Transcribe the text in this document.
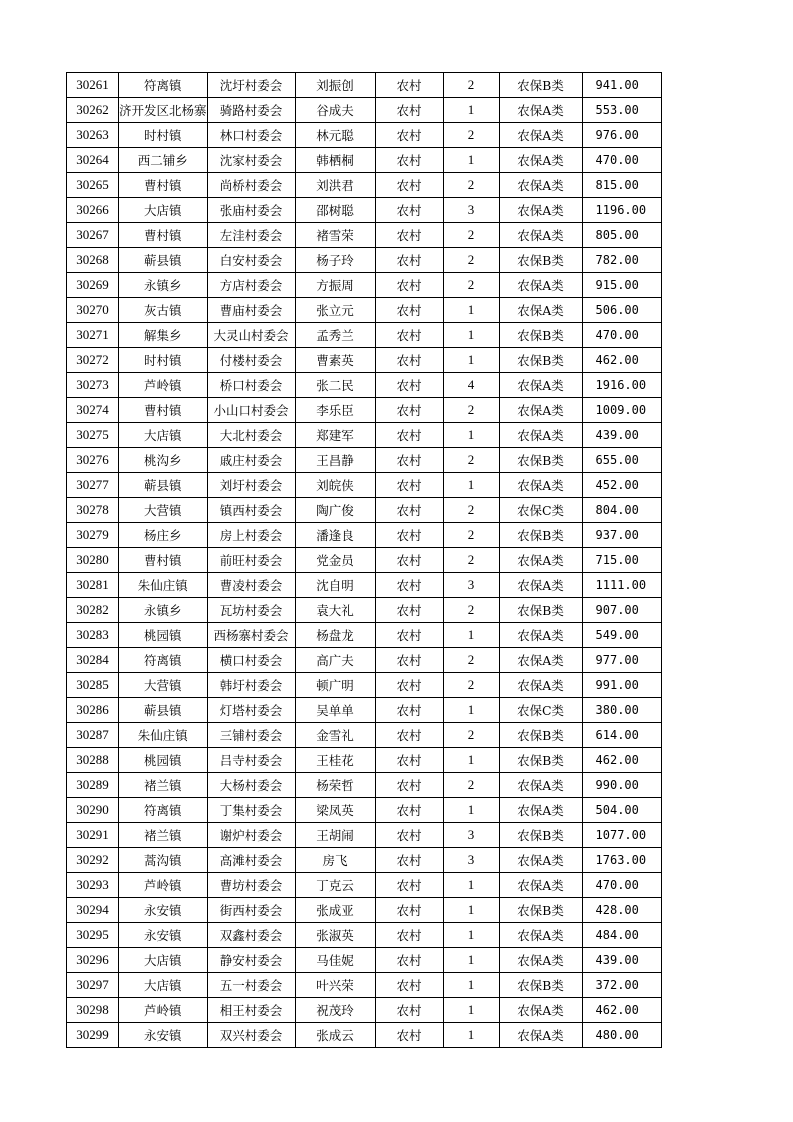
30261	符离镇	沈圩村委会	刘振创	农村	2	农保B类	941.00
30262	济开发区北杨寨	骑路村委会	谷成夫	农村	1	农保A类	553.00
30263	时村镇	林口村委会	林元聪	农村	2	农保A类	976.00
30264	西二铺乡	沈家村委会	韩栖桐	农村	1	农保A类	470.00
30265	曹村镇	尚桥村委会	刘洪君	农村	2	农保A类	815.00
30266	大店镇	张庙村委会	邵树聪	农村	3	农保A类	1196.00
30267	曹村镇	左洼村委会	褚雪荣	农村	2	农保A类	805.00
30268	蕲县镇	白安村委会	杨子玲	农村	2	农保B类	782.00
30269	永镇乡	方店村委会	方振周	农村	2	农保A类	915.00
30270	灰古镇	曹庙村委会	张立元	农村	1	农保A类	506.00
30271	解集乡	大灵山村委会	孟秀兰	农村	1	农保B类	470.00
30272	时村镇	付楼村委会	曹素英	农村	1	农保B类	462.00
30273	芦岭镇	桥口村委会	张二民	农村	4	农保A类	1916.00
30274	曹村镇	小山口村委会	李乐臣	农村	2	农保A类	1009.00
30275	大店镇	大北村委会	郑建军	农村	1	农保A类	439.00
30276	桃沟乡	戚庄村委会	王昌静	农村	2	农保B类	655.00
30277	蕲县镇	刘圩村委会	刘皖侠	农村	1	农保A类	452.00
30278	大营镇	镇西村委会	陶广俊	农村	2	农保C类	804.00
30279	杨庄乡	房上村委会	潘逢良	农村	2	农保B类	937.00
30280	曹村镇	前旺村委会	党金员	农村	2	农保A类	715.00
30281	朱仙庄镇	曹凌村委会	沈自明	农村	3	农保A类	1111.00
30282	永镇乡	瓦坊村委会	袁大礼	农村	2	农保B类	907.00
30283	桃园镇	西杨寨村委会	杨盘龙	农村	1	农保A类	549.00
30284	符离镇	横口村委会	高广夫	农村	2	农保A类	977.00
30285	大营镇	韩圩村委会	顿广明	农村	2	农保A类	991.00
30286	蕲县镇	灯塔村委会	吴单单	农村	1	农保C类	380.00
30287	朱仙庄镇	三铺村委会	金雪礼	农村	2	农保B类	614.00
30288	桃园镇	吕寺村委会	王桂花	农村	1	农保B类	462.00
30289	褚兰镇	大杨村委会	杨荣哲	农村	2	农保A类	990.00
30290	符离镇	丁集村委会	梁凤英	农村	1	农保A类	504.00
30291	褚兰镇	谢炉村委会	王胡闹	农村	3	农保B类	1077.00
30292	蒿沟镇	高滩村委会	房飞	农村	3	农保A类	1763.00
30293	芦岭镇	曹坊村委会	丁克云	农村	1	农保A类	470.00
30294	永安镇	街西村委会	张成亚	农村	1	农保B类	428.00
30295	永安镇	双鑫村委会	张淑英	农村	1	农保A类	484.00
30296	大店镇	静安村委会	马佳妮	农村	1	农保A类	439.00
30297	大店镇	五一村委会	叶兴荣	农村	1	农保B类	372.00
30298	芦岭镇	相王村委会	祝茂玲	农村	1	农保A类	462.00
30299	永安镇	双兴村委会	张成云	农村	1	农保A类	480.00
